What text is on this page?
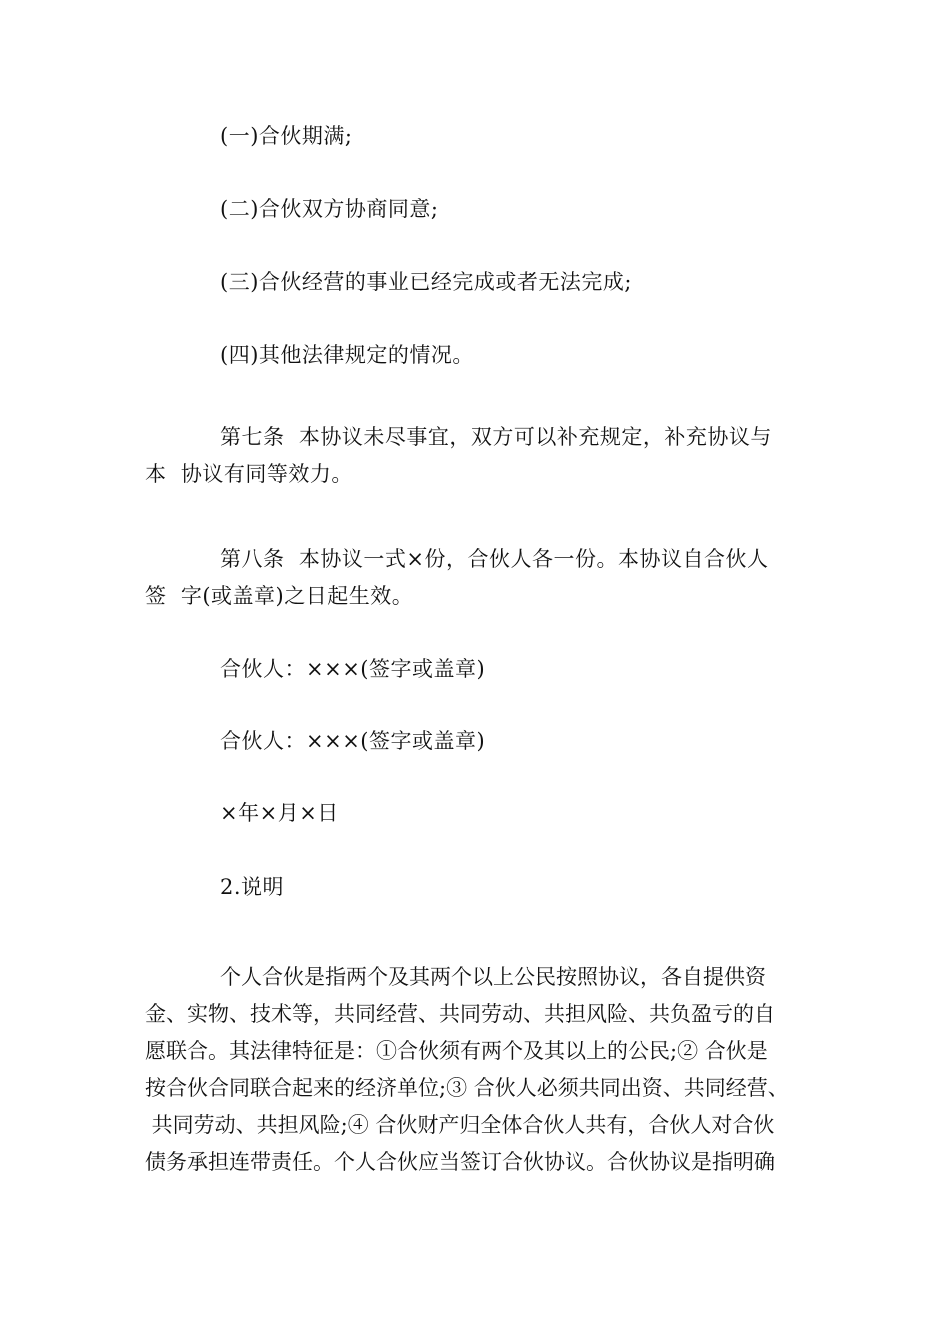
(一)合伙期满;
(二)合伙双方协商同意;
(三)合伙经营的事业已经完成或者无法完成;
(四)其他法律规定的情况。
第七条  本协议未尽事宜，双方可以补充规定，补充协议与
本  协议有同等效力。
第八条  本协议一式×份，合伙人各一份。本协议自合伙人
签  字(或盖章)之日起生效。
合伙人：×××(签字或盖章)
合伙人：×××(签字或盖章)
×年×月×日
2.说明
个人合伙是指两个及其两个以上公民按照协议，各自提供资
金、实物、技术等，共同经营、共同劳动、共担风险、共负盈亏的自
愿联合。其法律特征是：①合伙须有两个及其以上的公民;② 合伙是
按合伙合同联合起来的经济单位;③ 合伙人必须共同出资、共同经营、
共同劳动、共担风险;④ 合伙财产归全体合伙人共有，合伙人对合伙
债务承担连带责任。个人合伙应当签订合伙协议。合伙协议是指明确
